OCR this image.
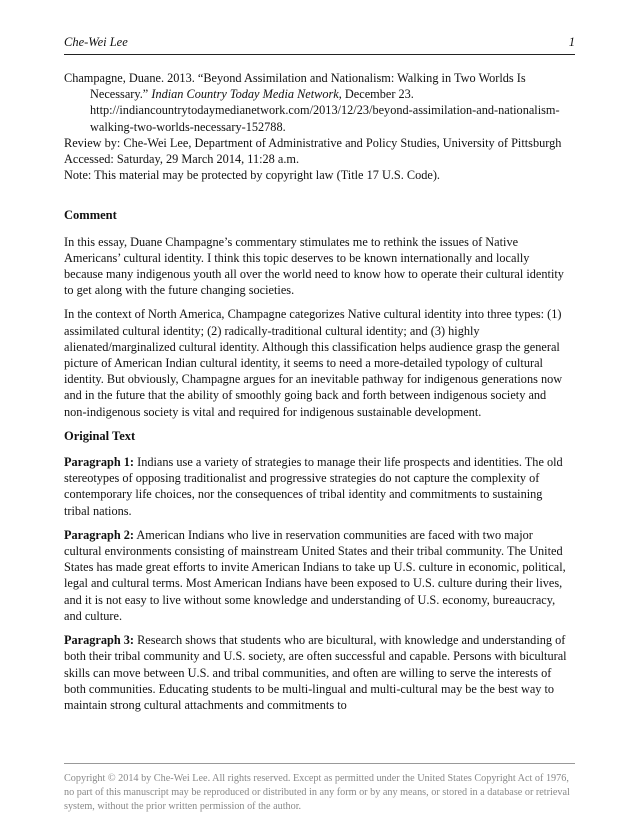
Che-Wei Lee	1

Champagne, Duane. 2013. “Beyond Assimilation and Nationalism: Walking in Two Worlds Is Necessary.” Indian Country Today Media Network, December 23. http://indiancountrytodaymedianetwork.com/2013/12/23/beyond-assimilation-and-nationalism-walking-two-worlds-necessary-152788.

Review by: Che-Wei Lee, Department of Administrative and Policy Studies, University of Pittsburgh

Accessed: Saturday, 29 March 2014, 11:28 a.m.

Note: This material may be protected by copyright law (Title 17 U.S. Code).

Comment

In this essay, Duane Champagne’s commentary stimulates me to rethink the issues of Native Americans’ cultural identity. I think this topic deserves to be known internationally and locally because many indigenous youth all over the world need to know how to operate their cultural identity to get along with the future changing societies.

In the context of North America, Champagne categorizes Native cultural identity into three types: (1) assimilated cultural identity; (2) radically-traditional cultural identity; and (3) highly alienated/marginalized cultural identity. Although this classification helps audience grasp the general picture of American Indian cultural identity, it seems to need a more-detailed typology of cultural identity. But obviously, Champagne argues for an inevitable pathway for indigenous generations now and in the future that the ability of smoothly going back and forth between indigenous society and non-indigenous society is vital and required for indigenous sustainable development.

Original Text

Paragraph 1: Indians use a variety of strategies to manage their life prospects and identities. The old stereotypes of opposing traditionalist and progressive strategies do not capture the complexity of contemporary life choices, nor the consequences of tribal identity and commitments to sustaining tribal nations.

Paragraph 2: American Indians who live in reservation communities are faced with two major cultural environments consisting of mainstream United States and their tribal community. The United States has made great efforts to invite American Indians to take up U.S. culture in economic, political, legal and cultural terms. Most American Indians have been exposed to U.S. culture during their lives, and it is not easy to live without some knowledge and understanding of U.S. economy, bureaucracy, and culture.

Paragraph 3: Research shows that students who are bicultural, with knowledge and understanding of both their tribal community and U.S. society, are often successful and capable. Persons with bicultural skills can move between U.S. and tribal communities, and often are willing to serve the interests of both communities. Educating students to be multi-lingual and multi-cultural may be the best way to maintain strong cultural attachments and commitments to

Copyright © 2014 by Che-Wei Lee. All rights reserved. Except as permitted under the United States Copyright Act of 1976, no part of this manuscript may be reproduced or distributed in any form or by any means, or stored in a database or retrieval system, without the prior written permission of the author.
